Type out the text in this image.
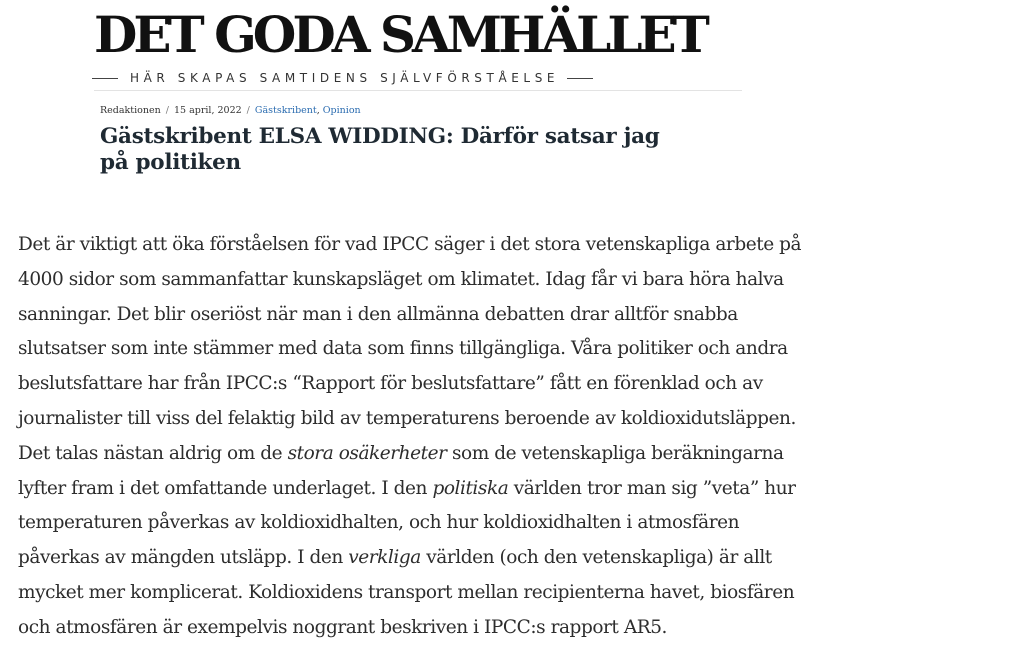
DET GODA SAMHÄLLET
HÄR SKAPAS SAMTIDENS SJÄLVFÖRSTÅELSE
Redaktionen / 15 april, 2022 / Gästskribent, Opinion
Gästskribent ELSA WIDDING: Därför satsar jag
på politiken
Det är viktigt att öka förståelsen för vad IPCC säger i det stora vetenskapliga arbete på
4000 sidor som sammanfattar kunskapsläget om klimatet. Idag får vi bara höra halva
sanningar. Det blir oseriöst när man i den allmänna debatten drar alltför snabba
slutsatser som inte stämmer med data som finns tillgängliga. Våra politiker och andra
beslutsfattare har från IPCC:s “Rapport för beslutsfattare” fått en förenklad och av
journalister till viss del felaktig bild av temperaturens beroende av koldioxidutsläppen.
Det talas nästan aldrig om de stora osäkerheter som de vetenskapliga beräkningarna
lyfter fram i det omfattande underlaget. I den politiska världen tror man sig ”veta” hur
temperaturen påverkas av koldioxidhalten, och hur koldioxidhalten i atmosfären
påverkas av mängden utsläpp. I den verkliga världen (och den vetenskapliga) är allt
mycket mer komplicerat. Koldioxidens transport mellan recipienterna havet, biosfären
och atmosfären är exempelvis noggrant beskriven i IPCC:s rapport AR5.
